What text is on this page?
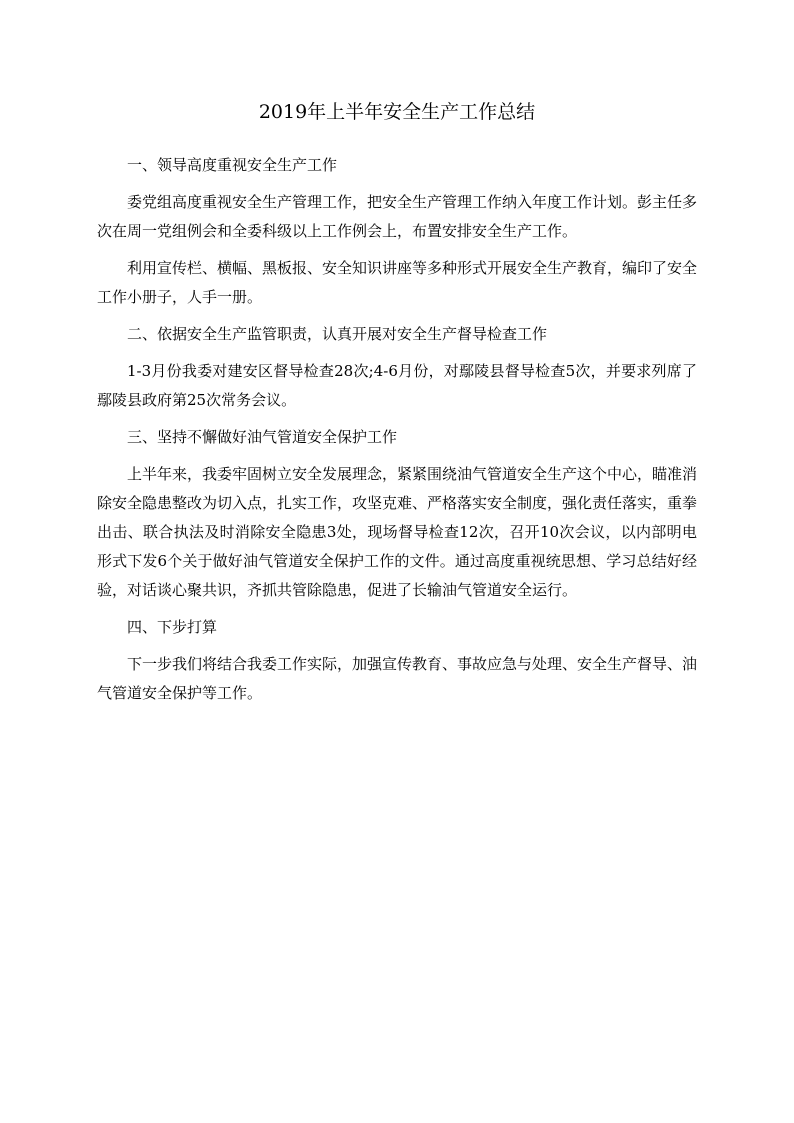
2019年上半年安全生产工作总结

一、领导高度重视安全生产工作

委党组高度重视安全生产管理工作，把安全生产管理工作纳入年度工作计划。彭主任多次在周一党组例会和全委科级以上工作例会上，布置安排安全生产工作。

利用宣传栏、横幅、黑板报、安全知识讲座等多种形式开展安全生产教育，编印了安全工作小册子，人手一册。

二、依据安全生产监管职责，认真开展对安全生产督导检查工作

1-3月份我委对建安区督导检查28次;4-6月份，对鄢陵县督导检查5次，并要求列席了鄢陵县政府第25次常务会议。

三、坚持不懈做好油气管道安全保护工作

上半年来，我委牢固树立安全发展理念，紧紧围绕油气管道安全生产这个中心，瞄准消除安全隐患整改为切入点，扎实工作，攻坚克难、严格落实安全制度，强化责任落实，重拳出击、联合执法及时消除安全隐患3处，现场督导检查12次，召开10次会议，以内部明电形式下发6个关于做好油气管道安全保护工作的文件。通过高度重视统思想、学习总结好经验，对话谈心聚共识，齐抓共管除隐患，促进了长输油气管道安全运行。

四、下步打算

下一步我们将结合我委工作实际，加强宣传教育、事故应急与处理、安全生产督导、油气管道安全保护等工作。
